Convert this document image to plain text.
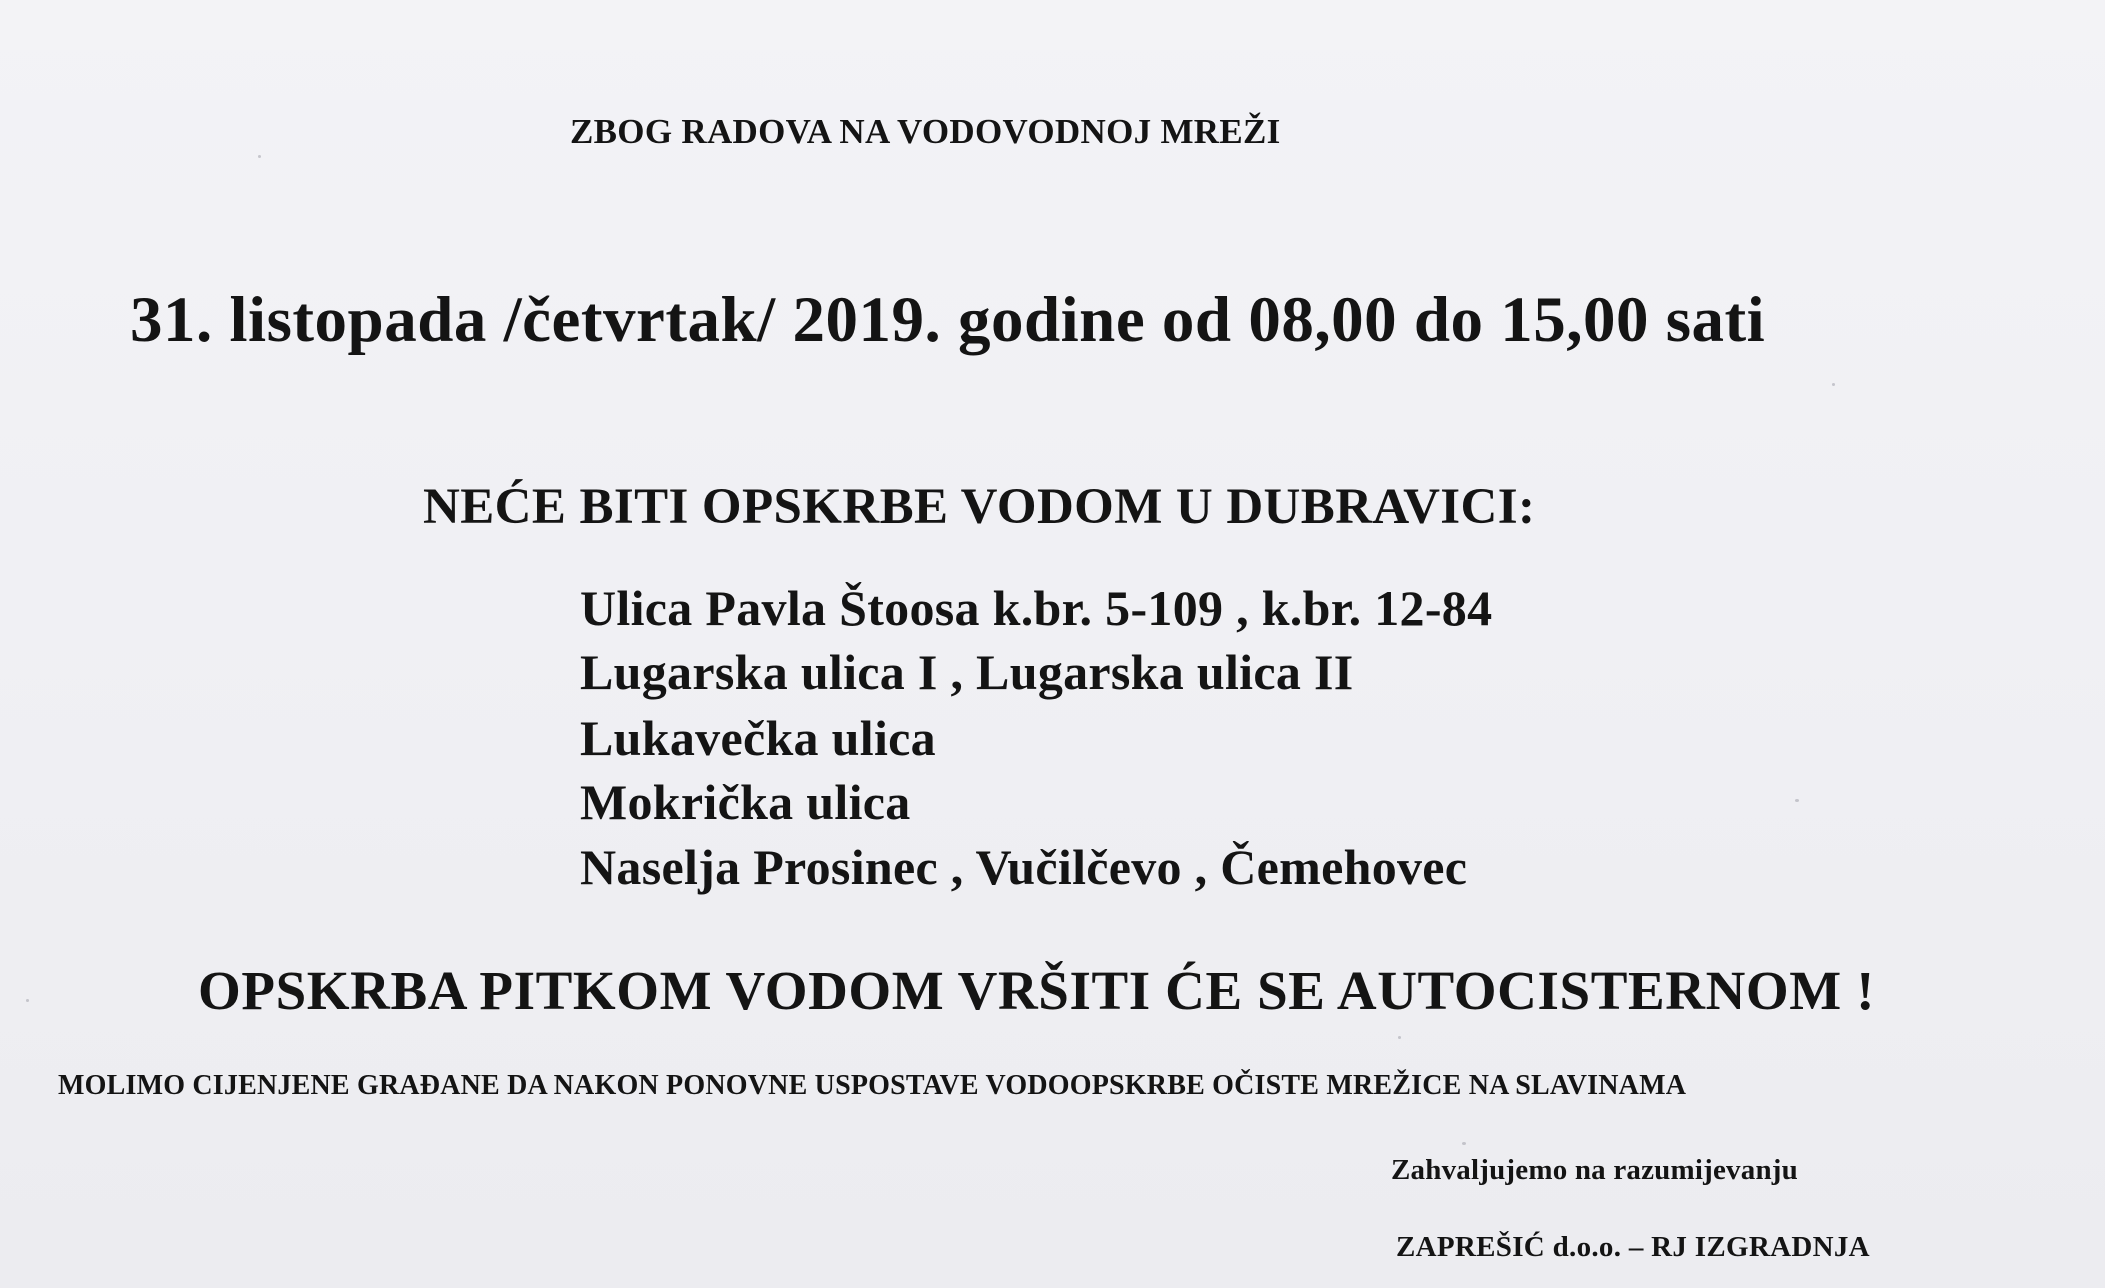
ZBOG RADOVA NA VODOVODNOJ MREŽI
31. listopada /četvrtak/ 2019. godine od 08,00 do 15,00 sati
NEĆE BITI OPSKRBE VODOM U DUBRAVICI:
Ulica Pavla Štoosa k.br. 5-109 , k.br. 12-84
Lugarska ulica I , Lugarska ulica II
Lukavečka ulica
Mokrička ulica
Naselja Prosinec , Vučilčevo , Čemehovec
OPSKRBA PITKOM VODOM VRŠITI ĆE SE AUTOCISTERNOM !
MOLIMO CIJENJENE GRAĐANE DA NAKON PONOVNE USPOSTAVE VODOOPSKRBE OČISTE MREŽICE NA SLAVINAMA
Zahvaljujemo na razumijevanju
ZAPREŠIĆ d.o.o. – RJ IZGRADNJA
